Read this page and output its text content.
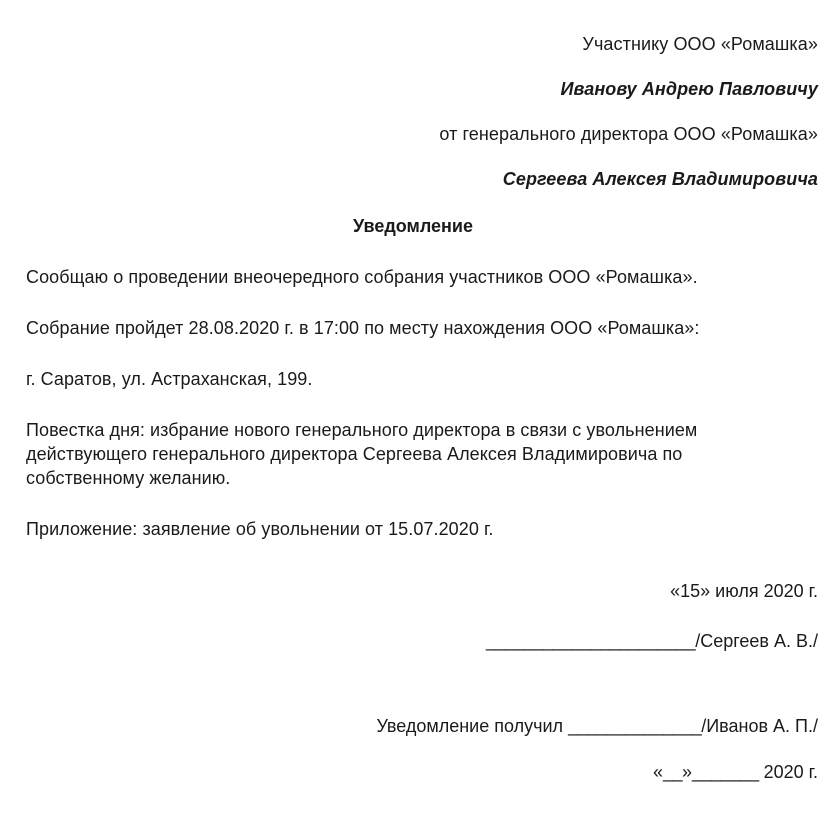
Участнику ООО «Ромашка»
Иванову Андрею Павловичу
от генерального директора ООО «Ромашка»
Сергеева Алексея Владимировича
Уведомление

Сообщаю о проведении внеочередного собрания участников ООО «Ромашка».

Собрание пройдет 28.08.2020 г. в 17:00 по месту нахождения ООО «Ромашка»:

г. Саратов, ул. Астраханская, 199.

Повестка дня: избрание нового генерального директора в связи с увольнением действующего генерального директора Сергеева Алексея Владимировича по собственному желанию.

Приложение: заявление об увольнении от 15.07.2020 г.

«15» июля 2020 г.
______________________/Сергеев А. В./
Уведомление получил ______________/Иванов А. П./
«__»_______ 2020 г.
